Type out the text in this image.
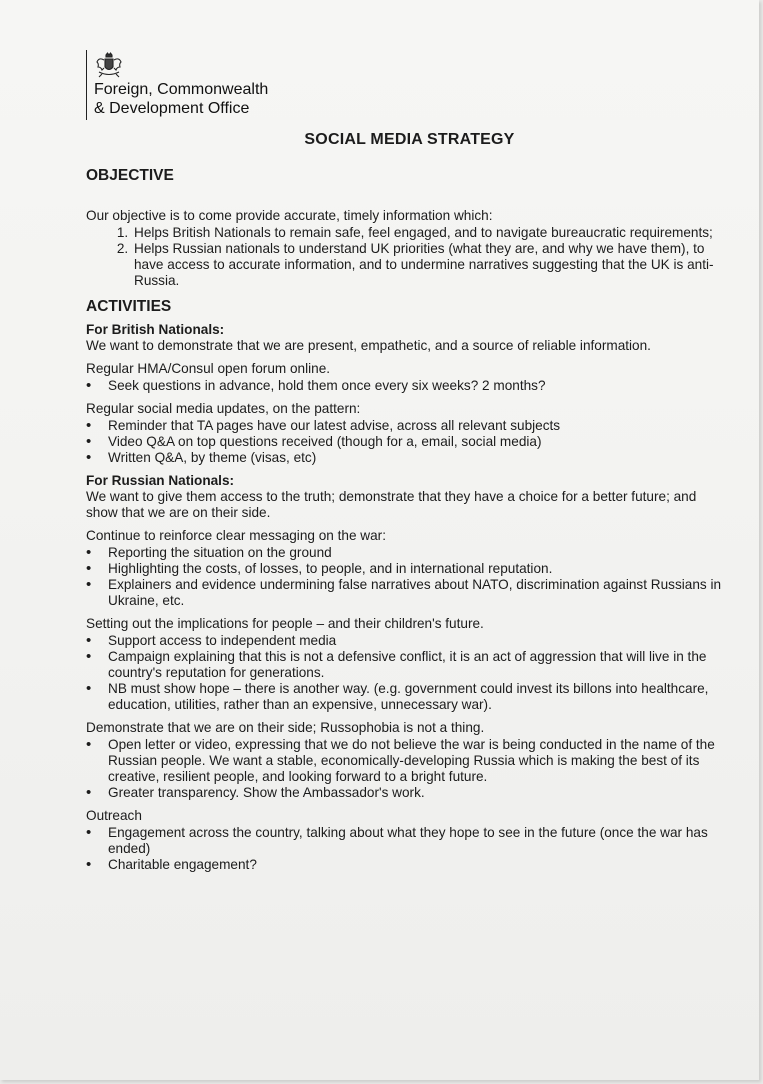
Foreign, Commonwealth
& Development Office
SOCIAL MEDIA STRATEGY
OBJECTIVE

Our objective is to come provide accurate, timely information which:

1. Helps British Nationals to remain safe, feel engaged, and to navigate bureaucratic requirements;
2. Helps Russian nationals to understand UK priorities (what they are, and why we have them), to have access to accurate information, and to undermine narratives suggesting that the UK is anti-Russia.
ACTIVITIES

For British Nationals:

We want to demonstrate that we are present, empathetic, and a source of reliable information.

Regular HMA/Consul open forum online.

• Seek questions in advance, hold them once every six weeks? 2 months?

Regular social media updates, on the pattern:

• Reminder that TA pages have our latest advise, across all relevant subjects
• Video Q&A on top questions received (though for a, email, social media)
• Written Q&A, by theme (visas, etc)

For Russian Nationals:

We want to give them access to the truth; demonstrate that they have a choice for a better future; and show that we are on their side.

Continue to reinforce clear messaging on the war:

• Reporting the situation on the ground
• Highlighting the costs, of losses, to people, and in international reputation.
• Explainers and evidence undermining false narratives about NATO, discrimination against Russians in Ukraine, etc.

Setting out the implications for people – and their children's future.

• Support access to independent media
• Campaign explaining that this is not a defensive conflict, it is an act of aggression that will live in the country's reputation for generations.
• NB must show hope – there is another way. (e.g. government could invest its billons into healthcare, education, utilities, rather than an expensive, unnecessary war).

Demonstrate that we are on their side; Russophobia is not a thing.

• Open letter or video, expressing that we do not believe the war is being conducted in the name of the Russian people. We want a stable, economically-developing Russia which is making the best of its creative, resilient people, and looking forward to a bright future.
• Greater transparency. Show the Ambassador's work.

Outreach

• Engagement across the country, talking about what they hope to see in the future (once the war has ended)
• Charitable engagement?
